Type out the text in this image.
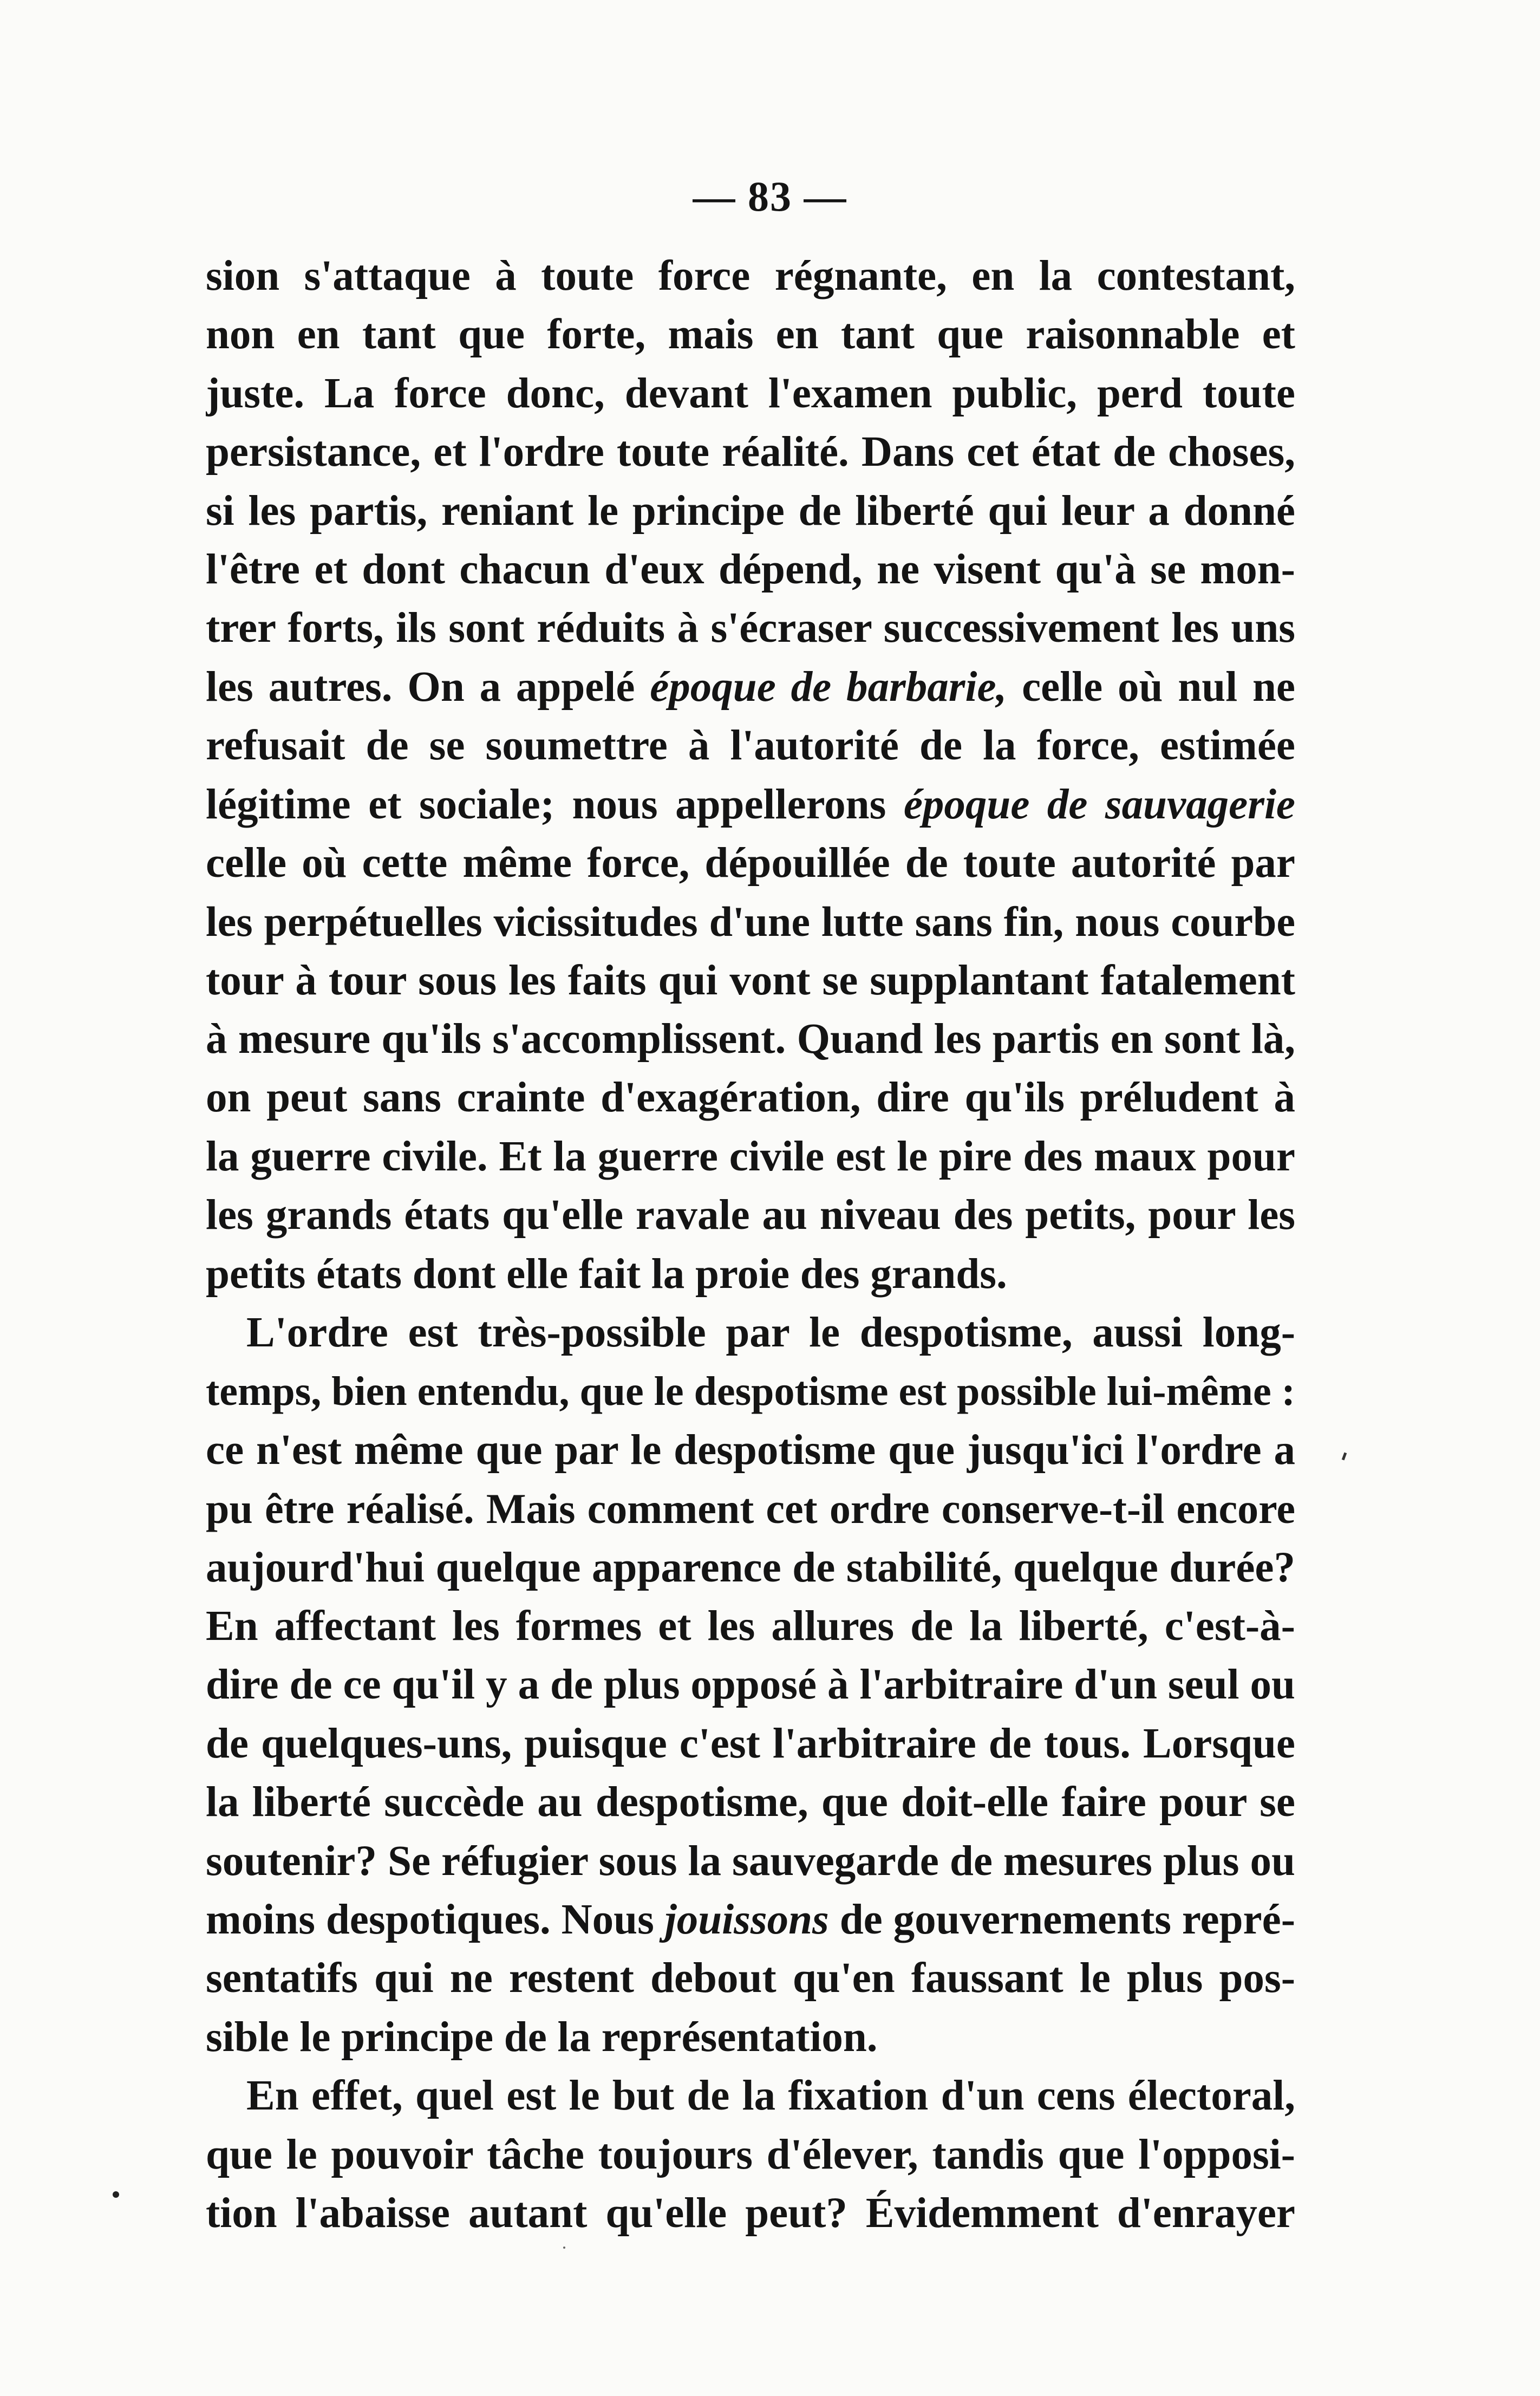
— 83 —
sion s'attaque à toute force régnante, en la contestant,
non en tant que forte, mais en tant que raisonnable et
juste. La force donc, devant l'examen public, perd toute
persistance, et l'ordre toute réalité. Dans cet état de choses,
si les partis, reniant le principe de liberté qui leur a donné
l'être et dont chacun d'eux dépend, ne visent qu'à se mon-
trer forts, ils sont réduits à s'écraser successivement les uns
les autres. On a appelé époque de barbarie, celle où nul ne
refusait de se soumettre à l'autorité de la force, estimée
légitime et sociale; nous appellerons époque de sauvagerie
celle où cette même force, dépouillée de toute autorité par
les perpétuelles vicissitudes d'une lutte sans fin, nous courbe
tour à tour sous les faits qui vont se supplantant fatalement
à mesure qu'ils s'accomplissent. Quand les partis en sont là,
on peut sans crainte d'exagération, dire qu'ils préludent à
la guerre civile. Et la guerre civile est le pire des maux pour
les grands états qu'elle ravale au niveau des petits, pour les
petits états dont elle fait la proie des grands.
L'ordre est très-possible par le despotisme, aussi long-
temps, bien entendu, que le despotisme est possible lui-même :
ce n'est même que par le despotisme que jusqu'ici l'ordre a
pu être réalisé. Mais comment cet ordre conserve-t-il encore
aujourd'hui quelque apparence de stabilité, quelque durée?
En affectant les formes et les allures de la liberté, c'est-à-
dire de ce qu'il y a de plus opposé à l'arbitraire d'un seul ou
de quelques-uns, puisque c'est l'arbitraire de tous. Lorsque
la liberté succède au despotisme, que doit-elle faire pour se
soutenir? Se réfugier sous la sauvegarde de mesures plus ou
moins despotiques. Nous jouissons de gouvernements repré-
sentatifs qui ne restent debout qu'en faussant le plus pos-
sible le principe de la représentation.
En effet, quel est le but de la fixation d'un cens électoral,
que le pouvoir tâche toujours d'élever, tandis que l'opposi-
tion l'abaisse autant qu'elle peut? Évidemment d'enrayer
